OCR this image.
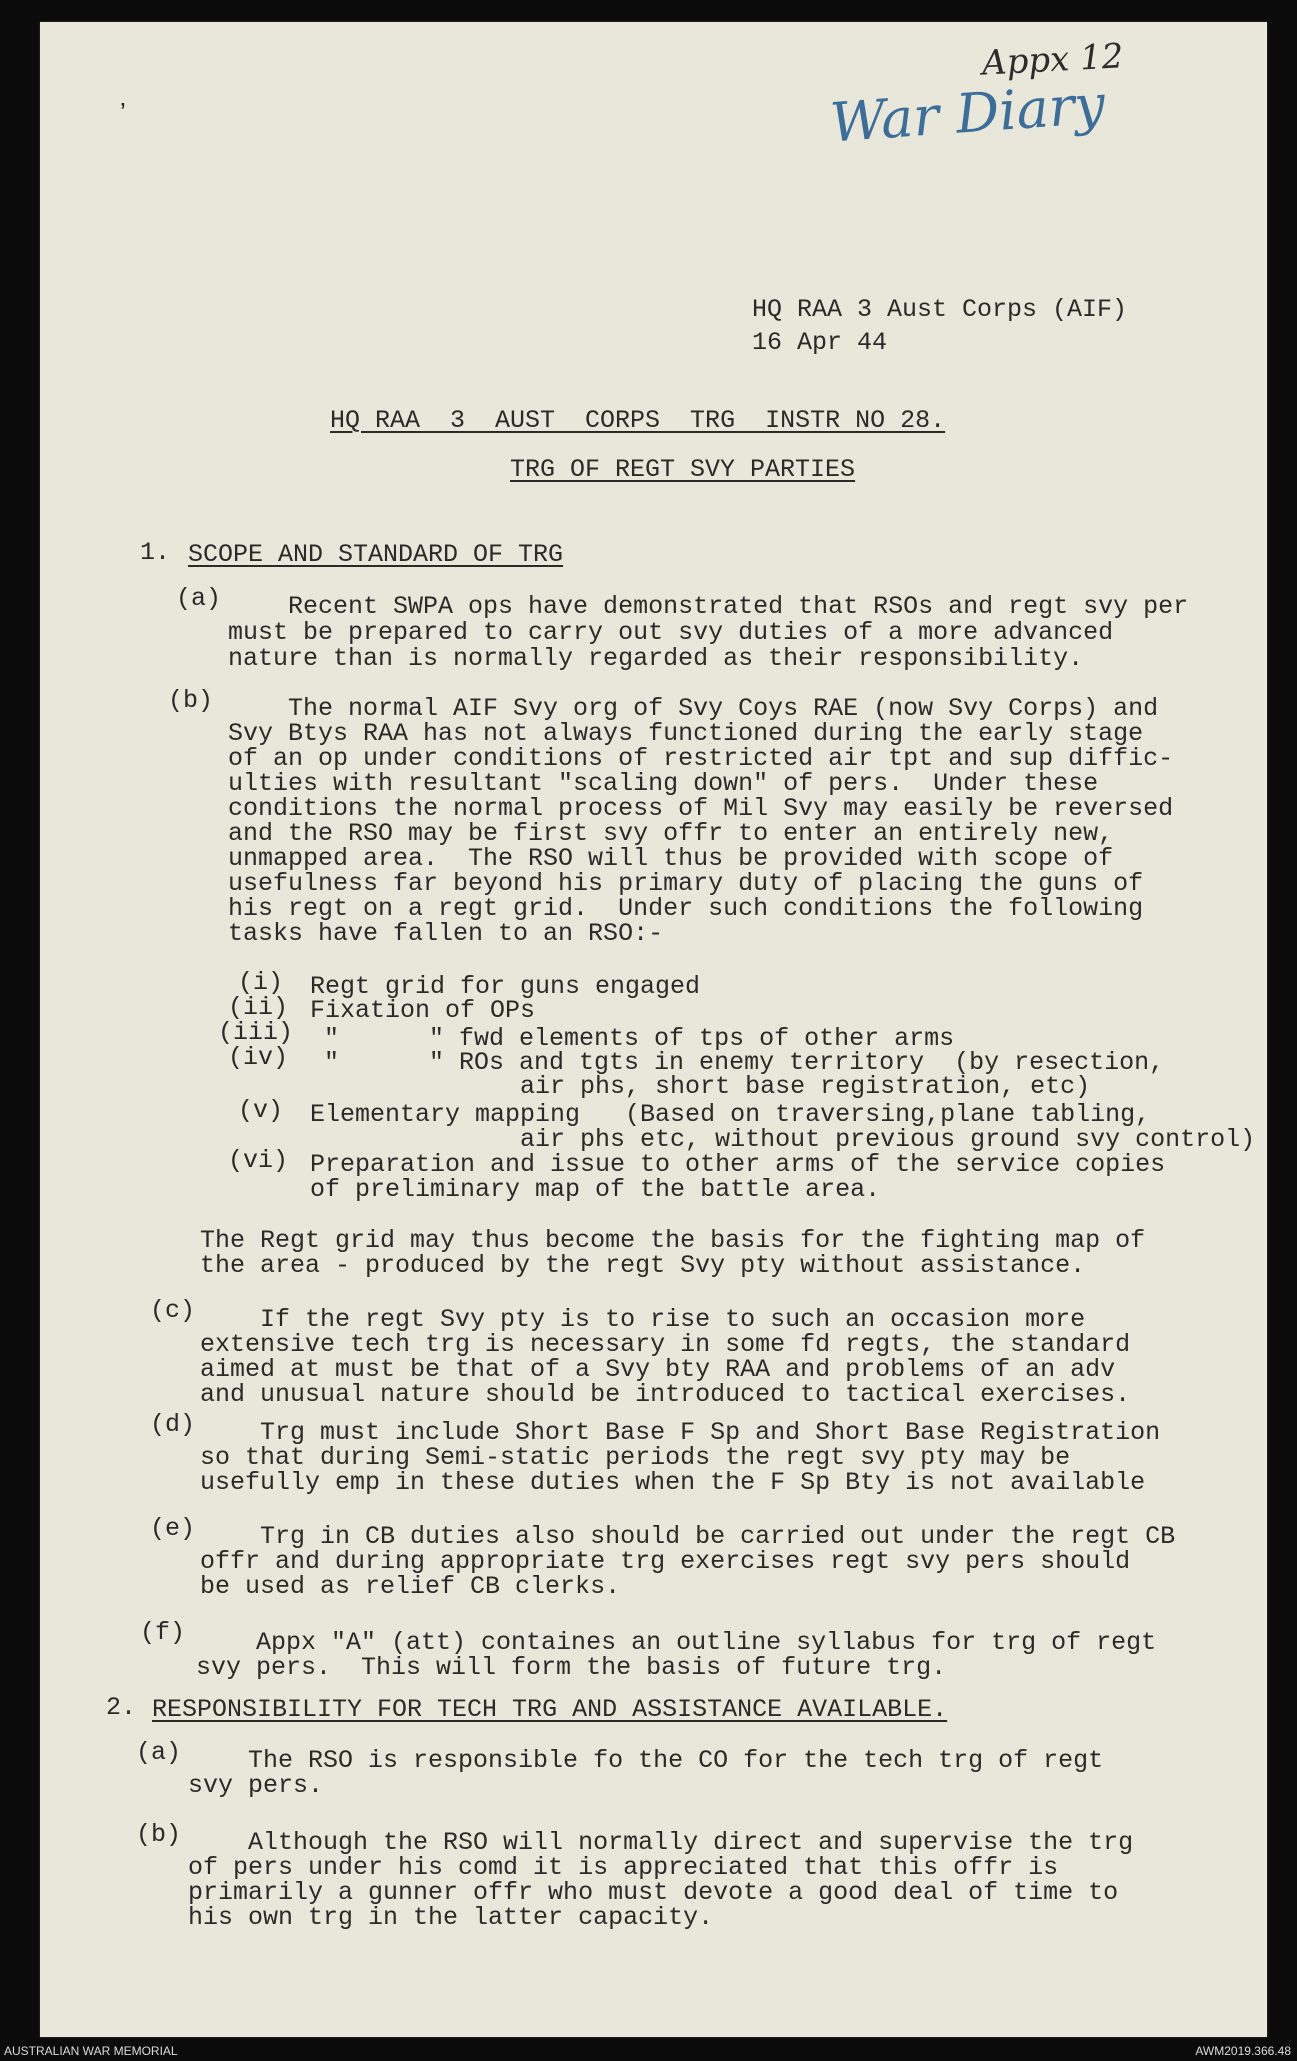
Appx 12
War Diary
’
HQ RAA 3 Aust Corps (AIF)
16 Apr 44
HQ RAA  3  AUST  CORPS  TRG  INSTR NO 28.
TRG OF REGT SVY PARTIES
1. SCOPE AND STANDARD OF TRG
(a) Recent SWPA ops have demonstrated that RSOs and regt svy per
must be prepared to carry out svy duties of a more advanced
nature than is normally regarded as their responsibility.
(b) The normal AIF Svy org of Svy Coys RAE (now Svy Corps) and
Svy Btys RAA has not always functioned during the early stage
of an op under conditions of restricted air tpt and sup diffic-
ulties with resultant "scaling down" of pers.  Under these
conditions the normal process of Mil Svy may easily be reversed
and the RSO may be first svy offr to enter an entirely new,
unmapped area.  The RSO will thus be provided with scope of
usefulness far beyond his primary duty of placing the guns of
his regt on a regt grid.  Under such conditions the following
tasks have fallen to an RSO:-
(i) Regt grid for guns engaged
(ii) Fixation of OPs
(iii) "      " fwd elements of tps of other arms
(iv) "      " ROs and tgts in enemy territory  (by resection,
air phs, short base registration, etc)
(v) Elementary mapping   (Based on traversing,plane tabling,
air phs etc, without previous ground svy control)
(vi) Preparation and issue to other arms of the service copies
of preliminary map of the battle area.
The Regt grid may thus become the basis for the fighting map of
the area - produced by the regt Svy pty without assistance.
(c) If the regt Svy pty is to rise to such an occasion more
extensive tech trg is necessary in some fd regts, the standard
aimed at must be that of a Svy bty RAA and problems of an adv
and unusual nature should be introduced to tactical exercises.
(d) Trg must include Short Base F Sp and Short Base Registration
so that during Semi-static periods the regt svy pty may be
usefully emp in these duties when the F Sp Bty is not available
(e) Trg in CB duties also should be carried out under the regt CB
offr and during appropriate trg exercises regt svy pers should
be used as relief CB clerks.
(f) Appx "A" (att) containes an outline syllabus for trg of regt
svy pers.  This will form the basis of future trg.
2. RESPONSIBILITY FOR TECH TRG AND ASSISTANCE AVAILABLE.
(a) The RSO is responsible fo the CO for the tech trg of regt
svy pers.
(b) Although the RSO will normally direct and supervise the trg
of pers under his comd it is appreciated that this offr is
primarily a gunner offr who must devote a good deal of time to
his own trg in the latter capacity.
AUSTRALIAN WAR MEMORIAL	AWM2019.366.48
